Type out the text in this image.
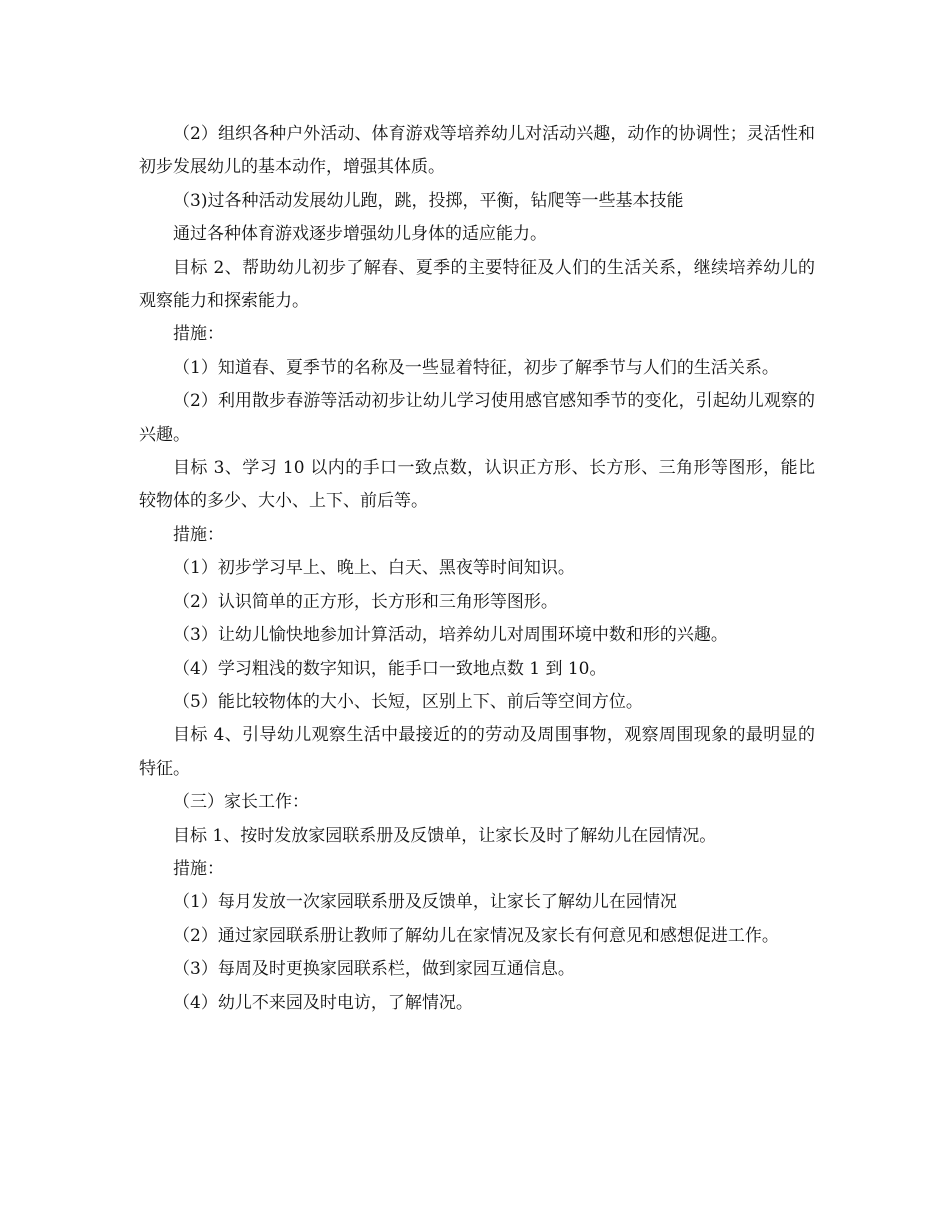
（2）组织各种户外活动、体育游戏等培养幼儿对活动兴趣，动作的协调性；灵活性和初步发展幼儿的基本动作，增强其体质。

（3)过各种活动发展幼儿跑，跳，投掷，平衡，钻爬等一些基本技能

通过各种体育游戏逐步增强幼儿身体的适应能力。

目标 2、帮助幼儿初步了解春、夏季的主要特征及人们的生活关系，继续培养幼儿的观察能力和探索能力。

措施：

（1）知道春、夏季节的名称及一些显着特征，初步了解季节与人们的生活关系。

（2）利用散步春游等活动初步让幼儿学习使用感官感知季节的变化，引起幼儿观察的兴趣。

目标 3、学习 10 以内的手口一致点数，认识正方形、长方形、三角形等图形，能比较物体的多少、大小、上下、前后等。

措施：

（1）初步学习早上、晚上、白天、黑夜等时间知识。

（2）认识简单的正方形，长方形和三角形等图形。

（3）让幼儿愉快地参加计算活动，培养幼儿对周围环境中数和形的兴趣。

（4）学习粗浅的数字知识，能手口一致地点数 1 到 10。

（5）能比较物体的大小、长短，区别上下、前后等空间方位。

目标 4、引导幼儿观察生活中最接近的的劳动及周围事物，观察周围现象的最明显的特征。

（三）家长工作：

目标 1、按时发放家园联系册及反馈单，让家长及时了解幼儿在园情况。

措施：

（1）每月发放一次家园联系册及反馈单，让家长了解幼儿在园情况

（2）通过家园联系册让教师了解幼儿在家情况及家长有何意见和感想促进工作。

（3）每周及时更换家园联系栏，做到家园互通信息。

（4）幼儿不来园及时电访，了解情况。
